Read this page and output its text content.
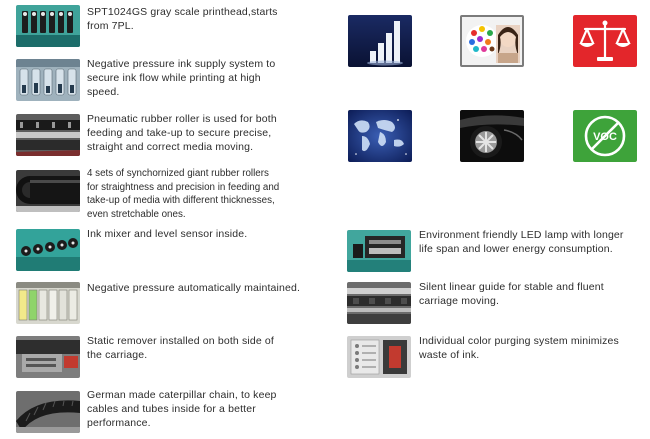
SPT1024GS gray scale printhead,starts
from 7PL.
Negative pressure ink supply system to
secure ink flow while printing at high
speed.
Pneumatic rubber roller is used for both
feeding and take-up to secure precise,
straight and correct media moving.
4 sets of synchornized giant rubber rollers
for straightness and precision in feeding and
take-up of media with different thicknesses,
even stretchable ones.
Ink mixer and level sensor inside.
Negative pressure automatically maintained.
Static remover installed on both side of
the carriage.
German made caterpillar chain, to keep
cables and tubes inside for a better
performance.
Environment friendly LED lamp with longer
life span and lower energy consumption.
Silent linear guide for stable and fluent
carriage moving.
Individual color purging system minimizes
waste of ink.
VOC
